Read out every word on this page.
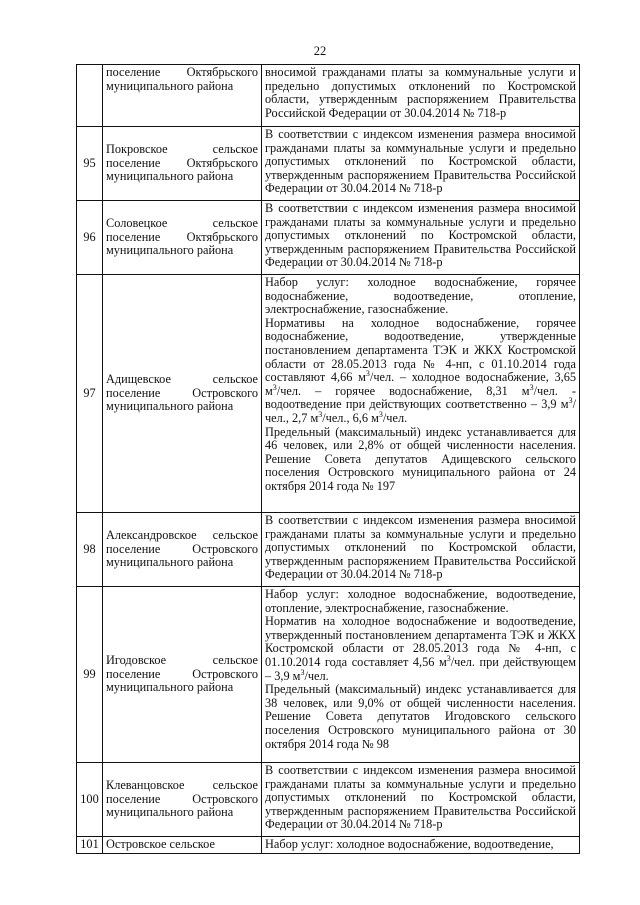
22
	поселение Октябрьского муниципального района	вносимой гражданами платы за коммунальные услуги и предельно допустимых отклонений по Костромской области, утвержденным распоряжением Правительства Российской Федерации от 30.04.2014 № 718-р
95	Покровское сельское поселение Октябрьского муниципального района	В соответствии с индексом изменения размера вносимой гражданами платы за коммунальные услуги и предельно допустимых отклонений по Костромской области, утвержденным распоряжением Правительства Российской Федерации от 30.04.2014 № 718-р
96	Соловецкое сельское поселение Октябрьского муниципального района	В соответствии с индексом изменения размера вносимой гражданами платы за коммунальные услуги и предельно допустимых отклонений по Костромской области, утвержденным распоряжением Правительства Российской Федерации от 30.04.2014 № 718-р
97	Адищевское сельское поселение Островского муниципального района	Набор услуг: холодное водоснабжение, горячее водоснабжение, водоотведение, отопление, электроснабжение, газоснабжение.
Нормативы на холодное водоснабжение, горячее водоснабжение, водоотведение, утвержденные постановлением департамента ТЭК и ЖКХ Костромской области от 28.05.2013 года № 4-нп, с 01.10.2014 года составляют 4,66 $м^3$/чел. – холодное водоснабжение, 3,65 $м^3$/чел. – горячее водоснабжение, 8,31 $м^3$/чел. - водоотведение при действующих соответственно – 3,9 $м^3$/чел., 2,7 $м^3$/чел., 6,6 $м^3$/чел.
Предельный (максимальный) индекс устанавливается для 46 человек, или 2,8% от общей численности населения. Решение Совета депутатов Адищевского сельского поселения Островского муниципального района от 24 октября 2014 года № 197

98	Александровское сельское поселение Островского муниципального района	В соответствии с индексом изменения размера вносимой гражданами платы за коммунальные услуги и предельно допустимых отклонений по Костромской области, утвержденным распоряжением Правительства Российской Федерации от 30.04.2014 № 718-р
99	Игодовское сельское поселение Островского муниципального района	Набор услуг: холодное водоснабжение, водоотведение, отопление, электроснабжение, газоснабжение.
Норматив на холодное водоснабжение и водоотведение, утвержденный постановлением департамента ТЭК и ЖКХ Костромской области от 28.05.2013 года № 4-нп, с 01.10.2014 года составляет 4,56 $м^3$/чел. при действующем – 3,9 $м^3$/чел.
Предельный (максимальный) индекс устанавливается для 38 человек, или 9,0% от общей численности населения. Решение Совета депутатов Игодовского сельского поселения Островского муниципального района от 30 октября 2014 года № 98

100	Клеванцовское сельское поселение Островского муниципального района	В соответствии с индексом изменения размера вносимой гражданами платы за коммунальные услуги и предельно допустимых отклонений по Костромской области, утвержденным распоряжением Правительства Российской Федерации от 30.04.2014 № 718-р
101	Островское сельское	Набор услуг: холодное водоснабжение, водоотведение,
